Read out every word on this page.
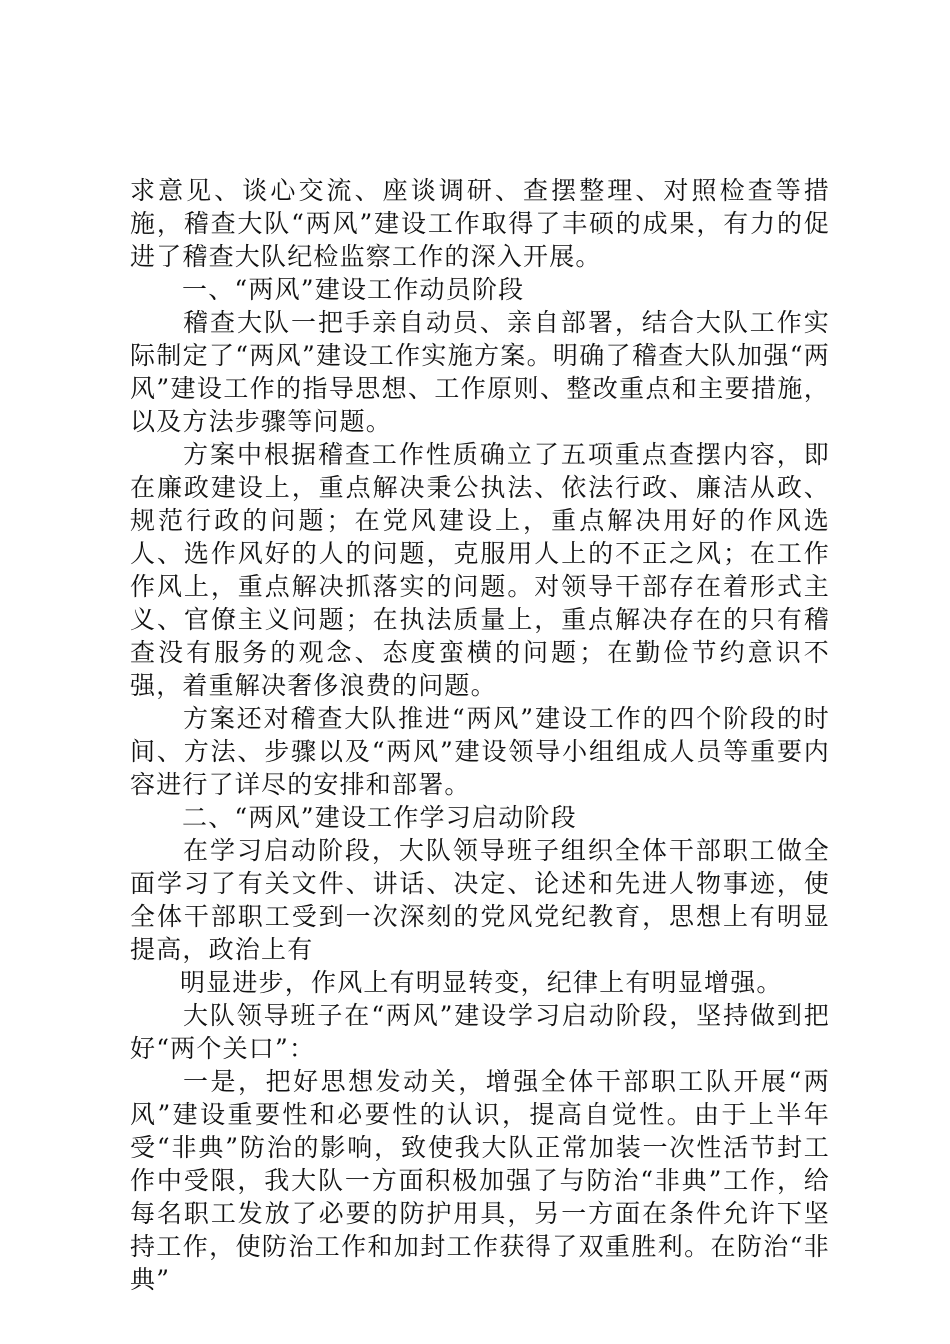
求意见、谈心交流、座谈调研、查摆整理、对照检查等措施，稽查大队“两风”建设工作取得了丰硕的成果，有力的促进了稽查大队纪检监察工作的深入开展。

一、“两风”建设工作动员阶段

稽查大队一把手亲自动员、亲自部署，结合大队工作实际制定了“两风”建设工作实施方案。明确了稽查大队加强“两风”建设工作的指导思想、工作原则、整改重点和主要措施，以及方法步骤等问题。

方案中根据稽查工作性质确立了五项重点查摆内容，即在廉政建设上，重点解决秉公执法、依法行政、廉洁从政、规范行政的问题；在党风建设上，重点解决用好的作风选人、选作风好的人的问题，克服用人上的不正之风；在工作作风上，重点解决抓落实的问题。对领导干部存在着形式主义、官僚主义问题；在执法质量上，重点解决存在的只有稽查没有服务的观念、态度蛮横的问题；在勤俭节约意识不强，着重解决奢侈浪费的问题。

方案还对稽查大队推进“两风”建设工作的四个阶段的时间、方法、步骤以及“两风”建设领导小组组成人员等重要内容进行了详尽的安排和部署。

二、“两风”建设工作学习启动阶段

在学习启动阶段，大队领导班子组织全体干部职工做全面学习了有关文件、讲话、决定、论述和先进人物事迹，使全体干部职工受到一次深刻的党风党纪教育，思想上有明显提高，政治上有

明显进步，作风上有明显转变，纪律上有明显增强。

大队领导班子在“两风”建设学习启动阶段，坚持做到把好“两个关口”：

一是，把好思想发动关，增强全体干部职工队开展“两风”建设重要性和必要性的认识，提高自觉性。由于上半年受“非典”防治的影响，致使我大队正常加装一次性活节封工作中受限，我大队一方面积极加强了与防治“非典”工作，给每名职工发放了必要的防护用具，另一方面在条件允许下坚持工作，使防治工作和加封工作获得了双重胜利。在防治“非典”
